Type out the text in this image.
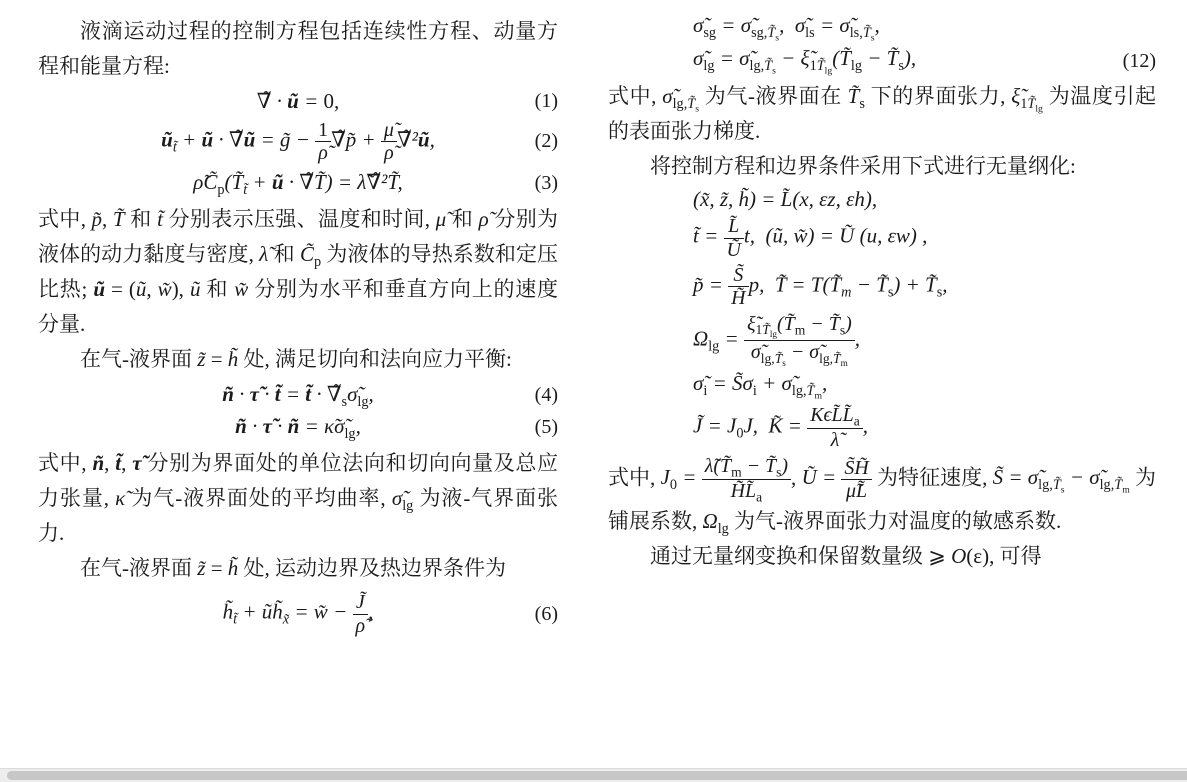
液滴运动过程的控制方程包括连续性方程、动量方程和能量方程:

∇̃ · ũ = 0,	(1)
$ũ_{t̃}$ + ũ · ∇̃ũ = g̃ − $\frac{1}{\rhõ}$ ∇̃p̃ + $\frac{\mũ}{\rhõ}$ ∇̃²ũ,	(2)
$\rhõC̃_p(T̃_{t̃}$ + ũ · ∇̃T̃) = λ̃∇̃²T̃,	(3)

式中, p̃, T̃ 和 t̃ 分别表示压强、温度和时间, μ̃ 和 ρ̃ 分别为液体的动力黏度与密度, λ̃ 和 $C̃_p$ 为液体的导热系数和定压比热; ũ = (ũ, w̃), ũ 和 w̃ 分别为水平和垂直方向上的速度分量.

在气-液界面 z̃ = h̃ 处, 满足切向和法向应力平衡:

ñ · τ̃ · t̃ = t̃ · $\nablã_s\sigmã_{lg}$,	(4)
ñ · τ̃ · ñ = $\kappã\sigmã_{lg}$,	(5)

式中, ñ, t̃, τ̃ 分别为界面处的单位法向和切向向量及总应力张量, κ̃ 为气-液界面处的平均曲率, $\sigmã_{lg}$ 为液-气界面张力.

在气-液界面 z̃ = h̃ 处, 运动边界及热边界条件为

$h̃_{t̃}$ + $ũh̃_{x̃}$ = w̃ − $\frac{J̃}{\rhõ}$ ,	(6)
$\sigmã_{sg}$ = $\sigmã_{sg,T̃_s}$, $\sigmã_{ls}$ = $\sigmã_{ls,T̃_s}$,
$\sigmã_{lg}$ = $\sigmã_{lg,T̃_s}$ − $\xĩ_{1T̃_{lg}}(T̃_{lg}$ − $T̃_s$),	(12)

式中, $\sigmã_{lg,T̃_s}$ 为气-液界面在 $T̃_s$ 下的界面张力, $\xĩ_{1T̃_{lg}}$ 为温度引起的表面张力梯度.

将控制方程和边界条件采用下式进行无量纲化:

(x̃, z̃, h̃) = L̃(x, εz, εh),
t̃ = $\frac{L̃}{Ũ} t$, (ũ, w̃) = Ũ (u, εw) ,
p̃ = $\frac{S̃}{H̃} p$, T̃ = $T(T̃_m$ − $T̃_s$) + $T̃_s$,
$\Omega_{lg} = \frac{\xĩ_{1T̃_{lg}}(T̃_m - T̃_s)}{\sigmã_{lg,T̃_s} - \sigmã_{lg,T̃_m}}$ ,
$\sigmã_i$ = $S̃\sigma_i$ + $\sigmã_{lg,T̃_m}$,
J̃ = $J_0J$, K̃ = $K\epsilon L̃L̃_a$
λ̃
,

式中, $J_0 = \frac{\lambdã(T̃_m - T̃_s)}{H̃L̃_a}$ , Ũ = $\frac{S̃H̃}{\mũL̃}$ 为特征速度, S̃ = $\sigmã_{lg,T̃_s}$ − $\sigmã_{lg,T̃_m}$ 为铺展系数, $\Omega_{lg}$ 为气-液界面张力对温度的敏感系数.

通过无量纲变换和保留数量级 ⩾ O(ε), 可得
